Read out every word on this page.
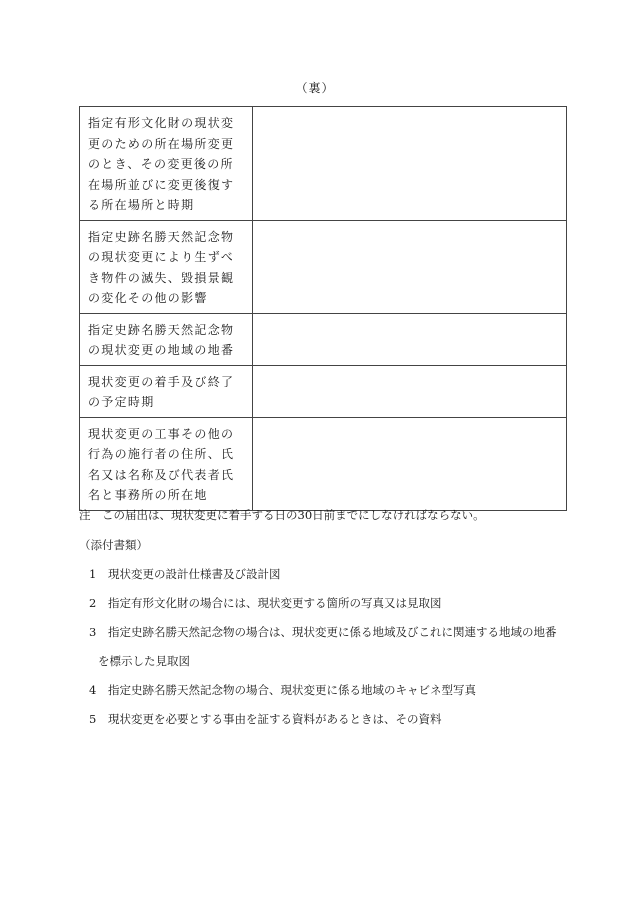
（裏）
指定有形文化財の現状変更のための所在場所変更のとき、その変更後の所在場所並びに変更後復する所在場所と時期	
指定史跡名勝天然記念物の現状変更により生ずべき物件の滅失、毀損景観の変化その他の影響	
指定史跡名勝天然記念物の現状変更の地域の地番	
現状変更の着手及び終了の予定時期	
現状変更の工事その他の行為の施行者の住所、氏名又は名称及び代表者氏名と事務所の所在地	
注　この届出は、現状変更に着手する日の30日前までにしなければならない。
（添付書類）
1 現状変更の設計仕様書及び設計図
2 指定有形文化財の場合には、現状変更する箇所の写真又は見取図
3 指定史跡名勝天然記念物の場合は、現状変更に係る地域及びこれに関連する地域の地番
を標示した見取図
4 指定史跡名勝天然記念物の場合、現状変更に係る地域のキャビネ型写真
5 現状変更を必要とする事由を証する資料があるときは、その資料
